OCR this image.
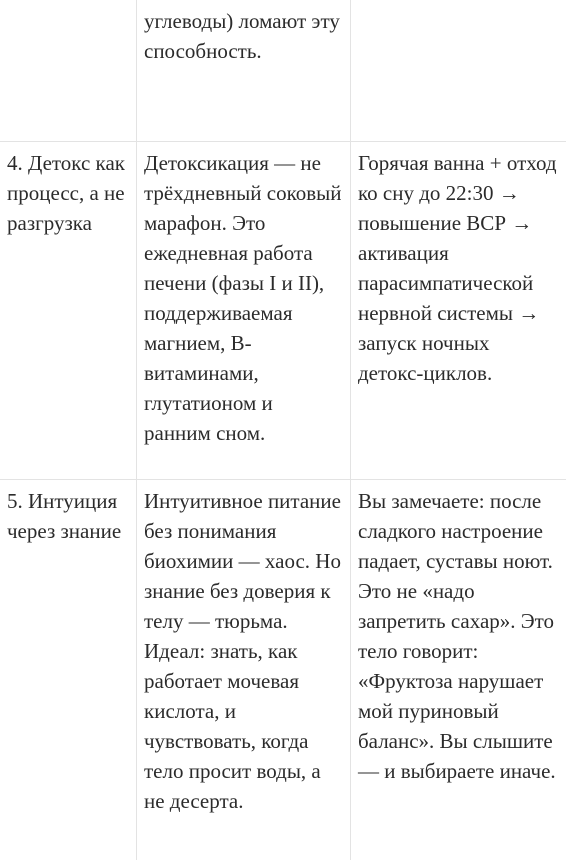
углеводы) ломают эту способность.
4. Детокс как процесс, а не разгрузка
Детоксикация — не трёхдневный соковый марафон. Это ежедневная работа печени (фазы I и II), поддерживаемая магнием, B-витаминами, глутатионом и ранним сном.
Горячая ванна + отход ко сну до 22:30 → повышение ВСР → активация парасимпатической нервной системы → запуск ночных детокс-циклов.
5. Интуиция через знание
Интуитивное питание без понимания биохимии — хаос. Но знание без доверия к телу — тюрьма. Идеал: знать, как работает мочевая кислота, и чувствовать, когда тело просит воды, а не десерта.
Вы замечаете: после сладкого настроение падает, суставы ноют. Это не «надо запретить сахар». Это тело говорит: «Фруктоза нарушает мой пуриновый баланс». Вы слышите — и выбираете иначе.
